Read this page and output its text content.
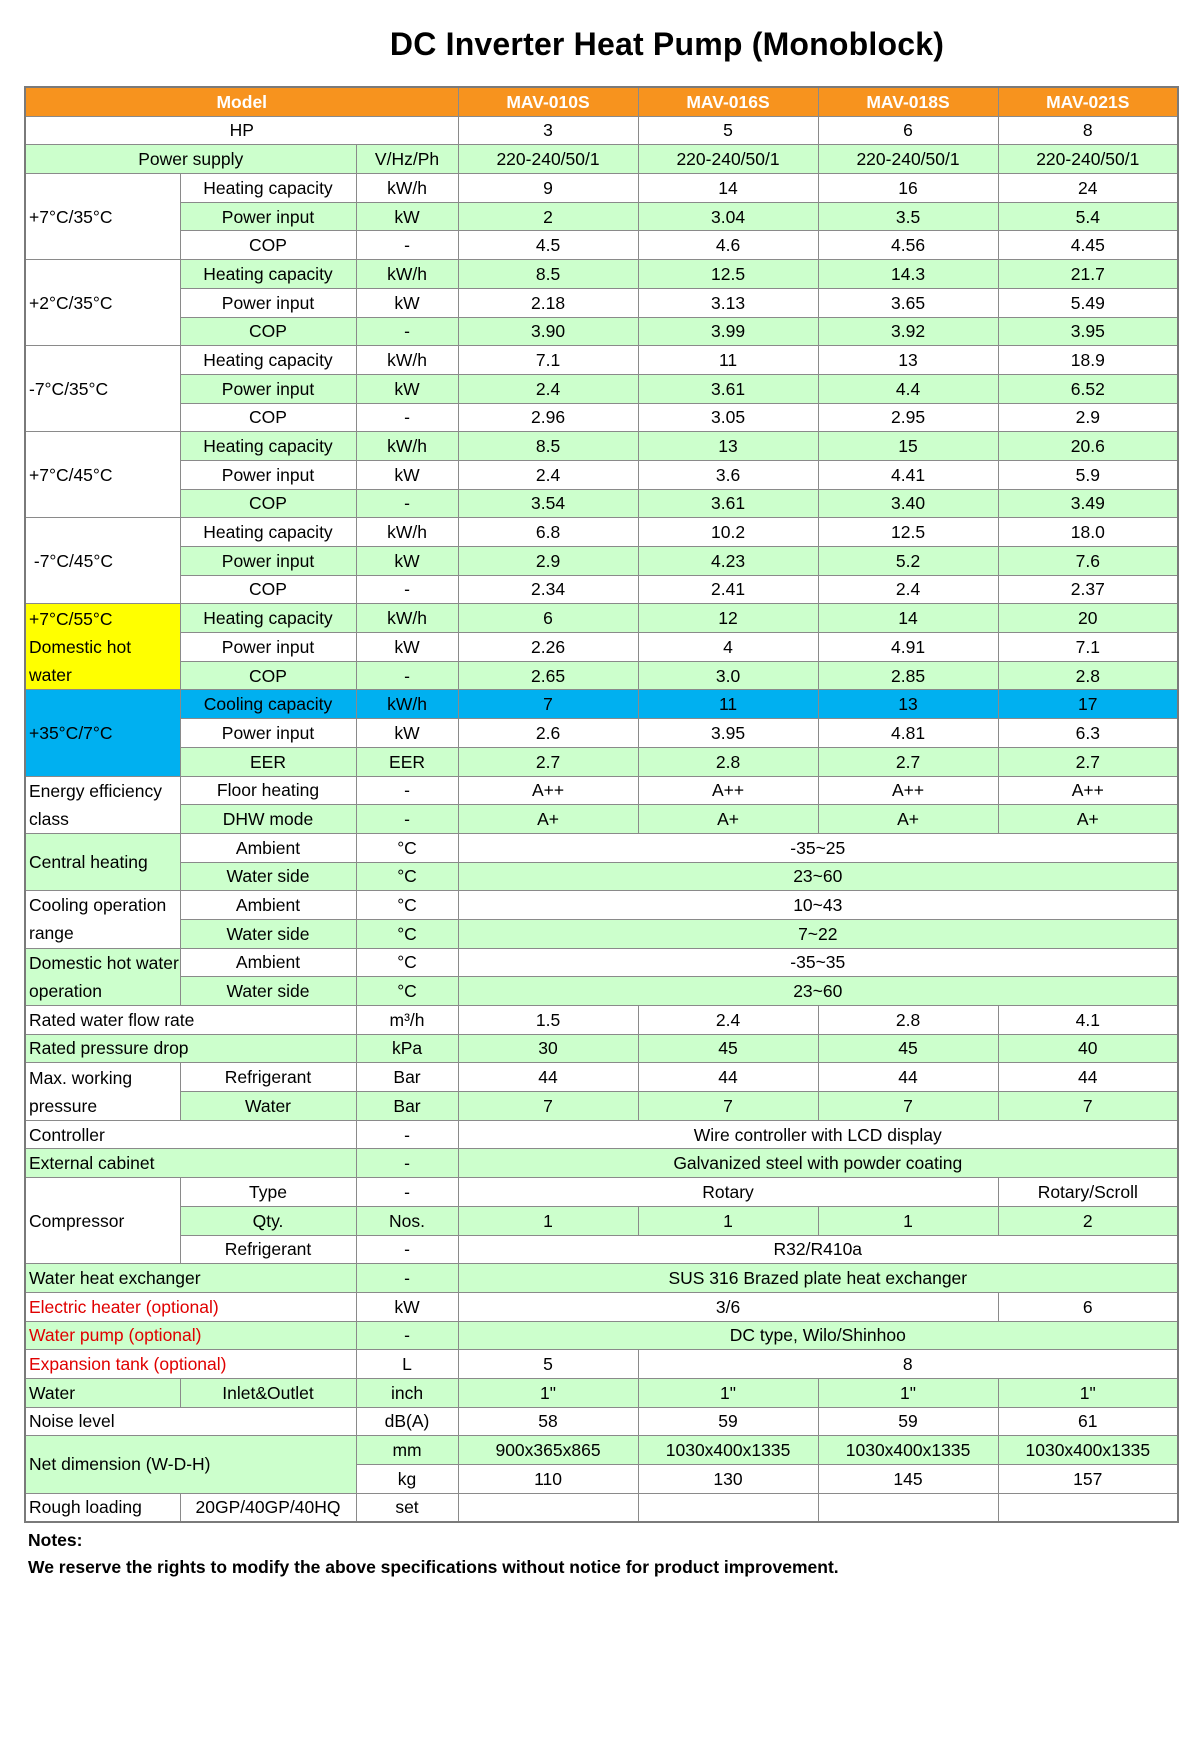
DC Inverter Heat Pump (Monoblock)
Model			MAV-010S	MAV-016S	MAV-018S	MAV-021S
HP			3	5	6	8
Power supply		V/Hz/Ph	220-240/50/1	220-240/50/1	220-240/50/1	220-240/50/1
+7°C/35°C	Heating capacity	kW/h	9	14	16	24
	Power input	kW	2	3.04	3.5	5.4
	COP	-	4.5	4.6	4.56	4.45
+2°C/35°C	Heating capacity	kW/h	8.5	12.5	14.3	21.7
	Power input	kW	2.18	3.13	3.65	5.49
	COP	-	3.90	3.99	3.92	3.95
-7°C/35°C	Heating capacity	kW/h	7.1	11	13	18.9
	Power input	kW	2.4	3.61	4.4	6.52
	COP	-	2.96	3.05	2.95	2.9
+7°C/45°C	Heating capacity	kW/h	8.5	13	15	20.6
	Power input	kW	2.4	3.6	4.41	5.9
	COP	-	3.54	3.61	3.40	3.49
-7°C/45°C	Heating capacity	kW/h	6.8	10.2	12.5	18.0
	Power input	kW	2.9	4.23	5.2	7.6
	COP	-	2.34	2.41	2.4	2.37
+7°C/55°C Domestic hot water	Heating capacity	kW/h	6	12	14	20
	Power input	kW	2.26	4	4.91	7.1
	COP	-	2.65	3.0	2.85	2.8
+35°C/7°C	Cooling capacity	kW/h	7	11	13	17
	Power input	kW	2.6	3.95	4.81	6.3
	EER	EER	2.7	2.8	2.7	2.7
Energy efficiency class	Floor heating	-	A++	A++	A++	A++
	DHW mode	-	A+	A+	A+	A+
Central heating	Ambient	°C	-35~25			
	Water side	°C	23~60			
Cooling operation range	Ambient	°C	10~43			
	Water side	°C	7~22			
Domestic hot water operation	Ambient	°C	-35~35			
	Water side	°C	23~60			
Rated water flow rate		m³/h	1.5	2.4	2.8	4.1
Rated pressure drop		kPa	30	45	45	40
Max. working pressure	Refrigerant	Bar	44	44	44	44
	Water	Bar	7	7	7	7
Controller		-	Wire controller with LCD display			
External cabinet		-	Galvanized steel with powder coating			
Compressor	Type	-	Rotary			Rotary/Scroll
	Qty.	Nos.	1	1	1	2
	Refrigerant	-	R32/R410a			
Water heat exchanger		-	SUS 316 Brazed plate heat exchanger			
Electric heater (optional)		kW	3/6			6
Water pump (optional)		-	DC type, Wilo/Shinhoo			
Expansion tank (optional)		L	5	8		
Water	Inlet&Outlet	inch	1"	1"	1"	1"
Noise level		dB(A)	58	59	59	61
Net dimension (W-D-H)		mm	900x365x865	1030x400x1335	1030x400x1335	1030x400x1335
		kg	110	130	145	157
Rough loading	20GP/40GP/40HQ	set				
Notes:
We reserve the rights to modify the above specifications without notice for product improvement.
